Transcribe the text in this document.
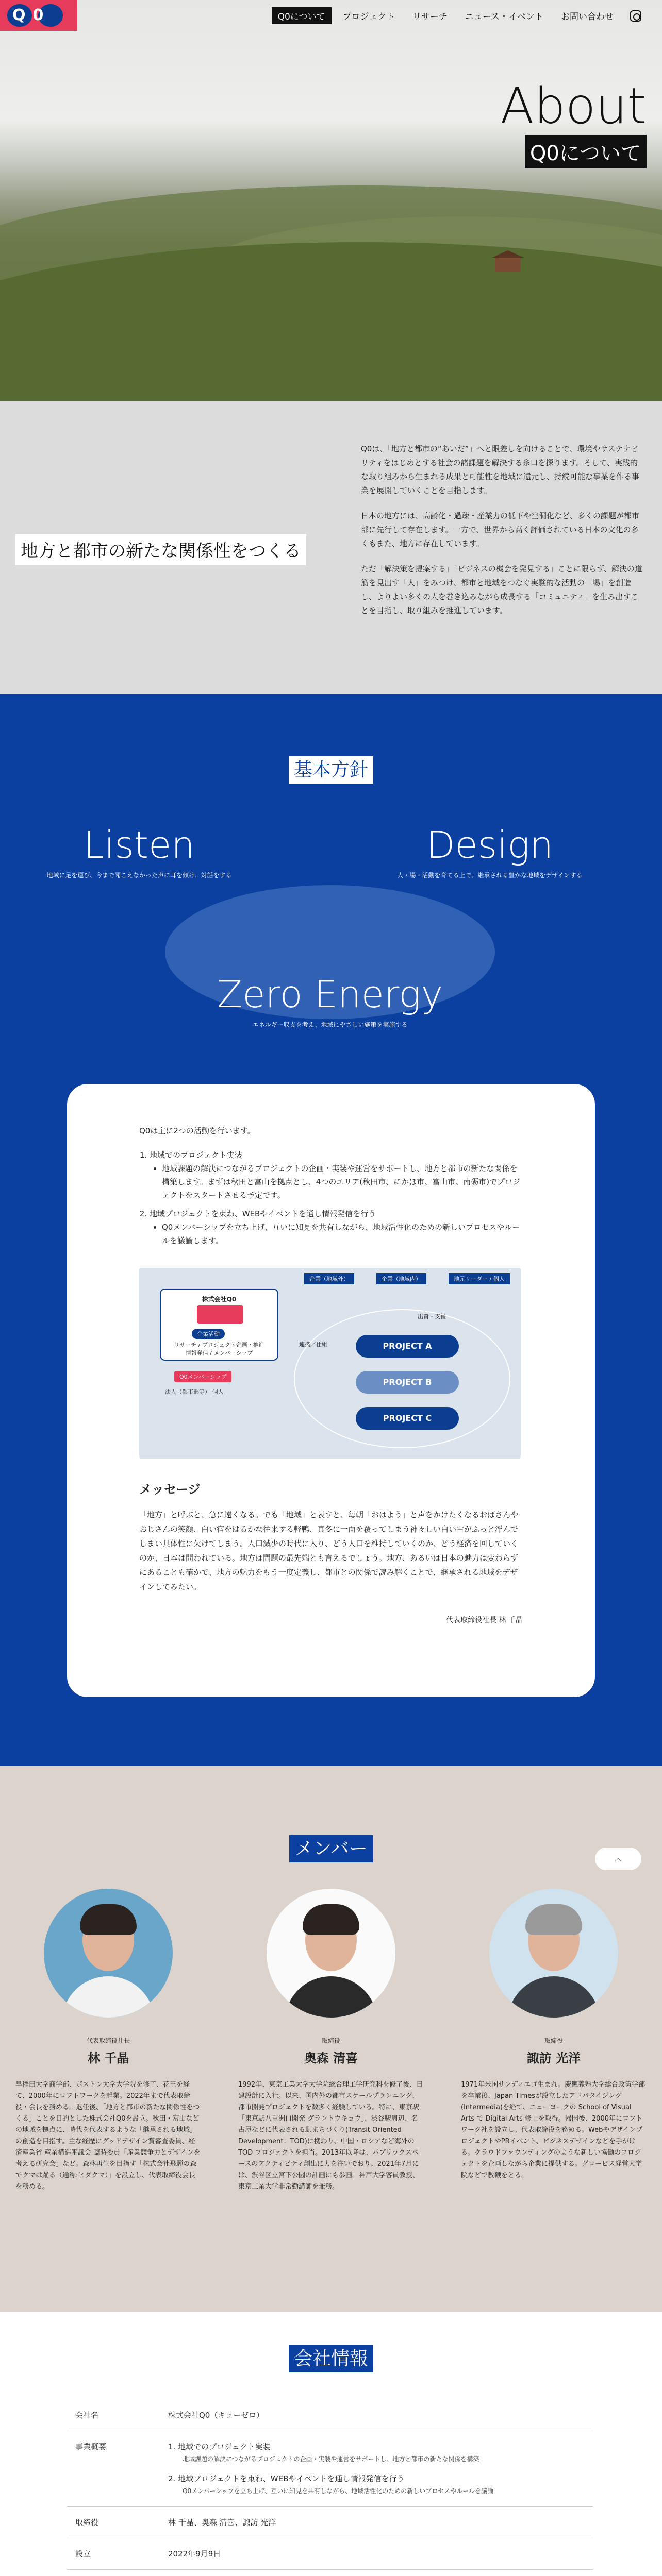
Q0	Q0について	プロジェクト	リサーチ	ニュース・イベント	お問い合わせ
About
Q0について
地方と都市の新たな関係性をつくる

Q0は、「地方と都市の“あいだ”」へと眼差しを向けることで、環境やサステナビリティをはじめとする社会の諸課題を解決する糸口を探ります。そして、実践的な取り組みから生まれる成果と可能性を地域に還元し、持続可能な事業を作る事業を展開していくことを目指します。

日本の地方には、高齢化・過疎・産業力の低下や空洞化など、多くの課題が都市部に先行して存在します。一方で、世界から高く評価されている日本の文化の多くもまた、地方に存在しています。

ただ「解決策を提案する」「ビジネスの機会を発見する」ことに限らず、解決の道筋を見出す「人」をみつけ、都市と地域をつなぐ実験的な活動の「場」を創造し、よりよい多くの人を巻き込みながら成長する「コミュニティ」を生み出すことを目指し、取り組みを推進しています。

基本方針
Listen
地域に足を運び、今まで聞こえなかった声に耳を傾け、対話をする
Design
人・場・活動を育てる上で、継承される豊かな地域をデザインする
Zero Energy
エネルギー収支を考え、地域にやさしい施策を実施する

Q0は主に2つの活動を行います。

1. 地域でのプロジェクト実装
• 地域課題の解決につながるプロジェクトの企画・実装や運営をサポートし、地方と都市の新たな関係を構築します。まずは秋田と富山を拠点とし、4つのエリア(秋田市、にかほ市、富山市、南砺市)でプロジェクトをスタートさせる予定です。
2. 地域プロジェクトを束ね、WEBやイベントを通し情報発信を行う
• Q0メンバーシップを立ち上げ、互いに知見を共有しながら、地域活性化のための新しいプロセスやルールを議論します。
株式会社Q0
企業活動
リサーチ / プロジェクト企画・推進
情報発信 / メンバーシップ
Q0メンバーシップ
法人（都市部等） 個人
企業（地域外）	企業（地域内）	地元リーダー / 個人
出資・支援
連携／仕組	PROJECT A
PROJECT B
PROJECT C
メッセージ

「地方」と呼ぶと、急に遠くなる。でも「地域」と表すと、毎朝「おはよう」と声をかけたくなるおばさんやおじさんの笑顔、白い宿をはるかな往来する軽鴨、真冬に一面を覆ってしまう神々しい白い雪がふっと浮んでしまい具体性に欠けてしまう。人口減少の時代に入り、どう人口を維持していくのか、どう経済を回していくのか、日本は問われている。地方は問題の最先端とも言えるでしょう。地方、あるいは日本の魅力は変わらずにあることも確かで、地方の魅力をもう一度定義し、都市との関係で読み解くことで、継承される地域をデザインしてみたい。

代表取締役社長 林 千晶

メンバー	︿
代表取締役社長
林 千晶
早稲田大学商学部、ボストン大学大学院を修了、花王を経て、2000年にロフトワークを起業。2022年まで代表取締役・会長を務める。退任後、「地方と都市の新たな関係性をつくる」ことを目的とした株式会社Q0を設立。秋田・富山などの地域を拠点に、時代を代表するような「継承される地域」の創造を目指す。主な経歴にグッドデザイン賞審査委員、経済産業省 産業構造審議会 臨時委員「産業競争力とデザインを考える研究会」など。森林再生を目指す「株式会社飛騨の森でクマは踊る（通称:ヒダクマ）」を設立し、代表取締役会長を務める。
取締役
奥森 清喜
1992年、東京工業大学大学院総合理工学研究科を修了後、日建設計に入社。以来、国内外の都市スケールプランニング、都市開発プロジェクトを数多く経験している。特に、東京駅「東京駅八重洲口開発 グラントウキョウ」、渋谷駅周辺、名古屋などに代表される駅まちづくり(Transit Oriented Development：TOD)に携わり、中国・ロシアなど海外の TOD プロジェクトを担当。2013年以降は、パブリックスペースのアクティビティ創出に力を注いでおり、2021年7月には、渋谷区立宮下公園の計画にも参画。神戸大学客員教授、東京工業大学非常勤講師を兼務。
取締役
諏訪 光洋
1971年米国サンディエゴ生まれ。慶應義塾大学総合政策学部を卒業後、Japan Timesが設立したアドバタイジング(Intermedia)を経て、ニューヨークの School of Visual Arts で Digital Arts 修士を取得。帰国後、2000年にロフトワーク社を設立し、代表取締役を務める。WebやデザインプロジェクトやPRイベント、ビジネスデザインなどを手がける。クラウドファウンディングのような新しい協働のプロジェクトを企画しながら企業に提供する。グロービス経営大学院などで教鞭をとる。
会社情報
会社名	株式会社Q0（キューゼロ）
事業概要	1. 地域でのプロジェクト実装
地域課題の解決につながるプロジェクトの企画・実装や運営をサポートし、地方と都市の新たな関係を構築
2. 地域プロジェクトを束ね、WEBやイベントを通し情報発信を行う
Q0メンバーシップを立ち上げ、互いに知見を共有しながら、地域活性化のための新しいプロセスやルールを議論

取締役	林 千晶、奥森 清喜、諏訪 光洋
設立	2022年9月9日
